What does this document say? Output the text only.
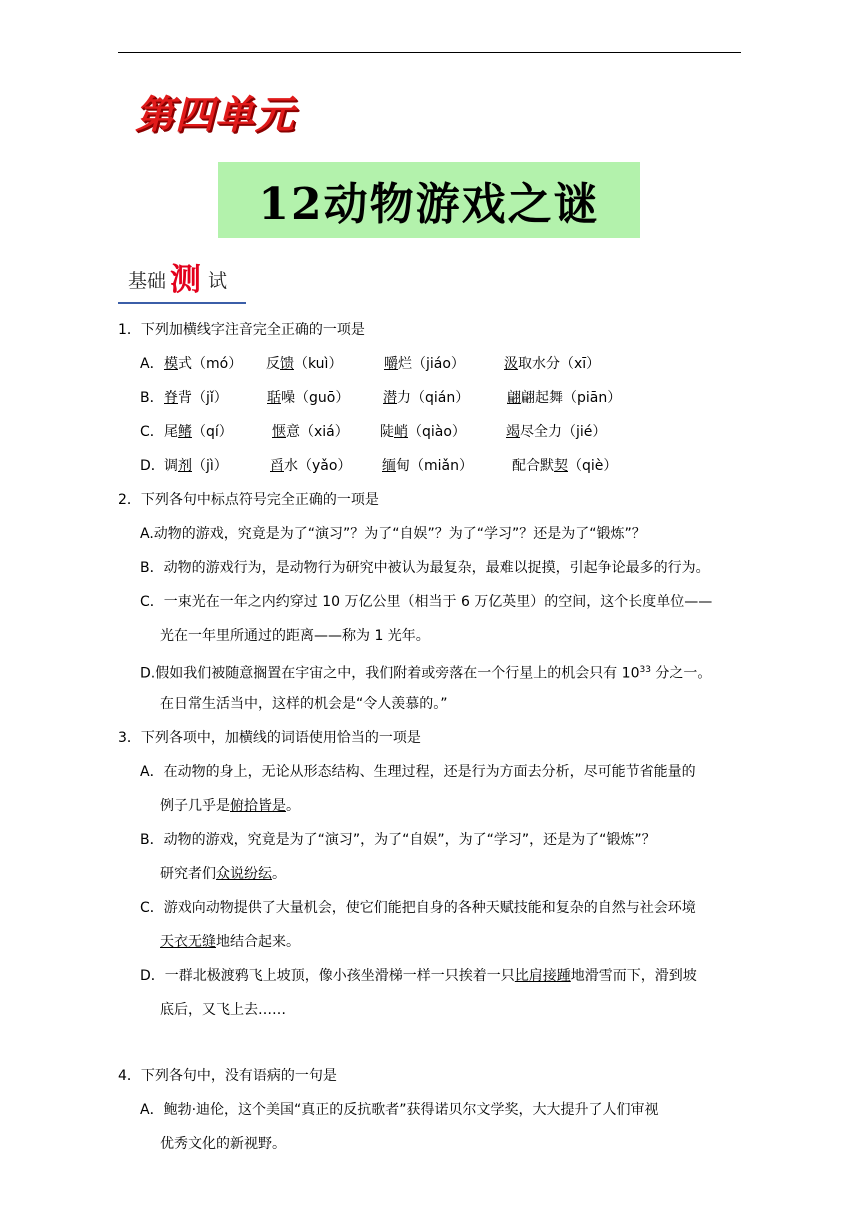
第四单元
12动物游戏之谜
基础 测 试
1．下列加横线字注音完全正确的一项是
A． 模式（mó） 反馈（kuì）	嚼烂（jiáo）	汲取水分（xī）
B． 脊背（jǐ）	聒噪（guō） 潜力（qián）	翩翩起舞（piān）
C． 尾鳍（qí）	惬意（xiá） 陡峭（qiào）	竭尽全力（jié）
D． 调剂（jì）	舀水（yǎo） 缅甸（miǎn）	配合默契（qiè）
2．下列各句中标点符号完全正确的一项是
A.动物的游戏，究竟是为了“演习”？为了“自娱”？为了“学习”？还是为了“锻炼”？
B．动物的游戏行为，是动物行为研究中被认为最复杂，最难以捉摸，引起争论最多的行为。
C．一束光在一年之内约穿过 10 万亿公里（相当于 6 万亿英里）的空间，这个长度单位——
光在一年里所通过的距离——称为 1 光年。
D.假如我们被随意搁置在宇宙之中，我们附着或旁落在一个行星上的机会只有 $10^{33}$ 分之一。
在日常生活当中，这样的机会是“令人羡慕的。”
3．下列各项中，加横线的词语使用恰当的一项是
A．在动物的身上，无论从形态结构、生理过程，还是行为方面去分析，尽可能节省能量的
例子几乎是俯拾皆是。
B．动物的游戏，究竟是为了“演习”，为了“自娱”，为了“学习”，还是为了“锻炼”？
研究者们众说纷纭。
C．游戏向动物提供了大量机会，使它们能把自身的各种天赋技能和复杂的自然与社会环境
天衣无缝地结合起来。
D．一群北极渡鸦飞上坡顶，像小孩坐滑梯一样一只挨着一只比肩接踵地滑雪而下，滑到坡
底后，又飞上去……
4．下列各句中，没有语病的一句是
A．鲍勃·迪伦，这个美国“真正的反抗歌者”获得诺贝尔文学奖，大大提升了人们审视
优秀文化的新视野。
